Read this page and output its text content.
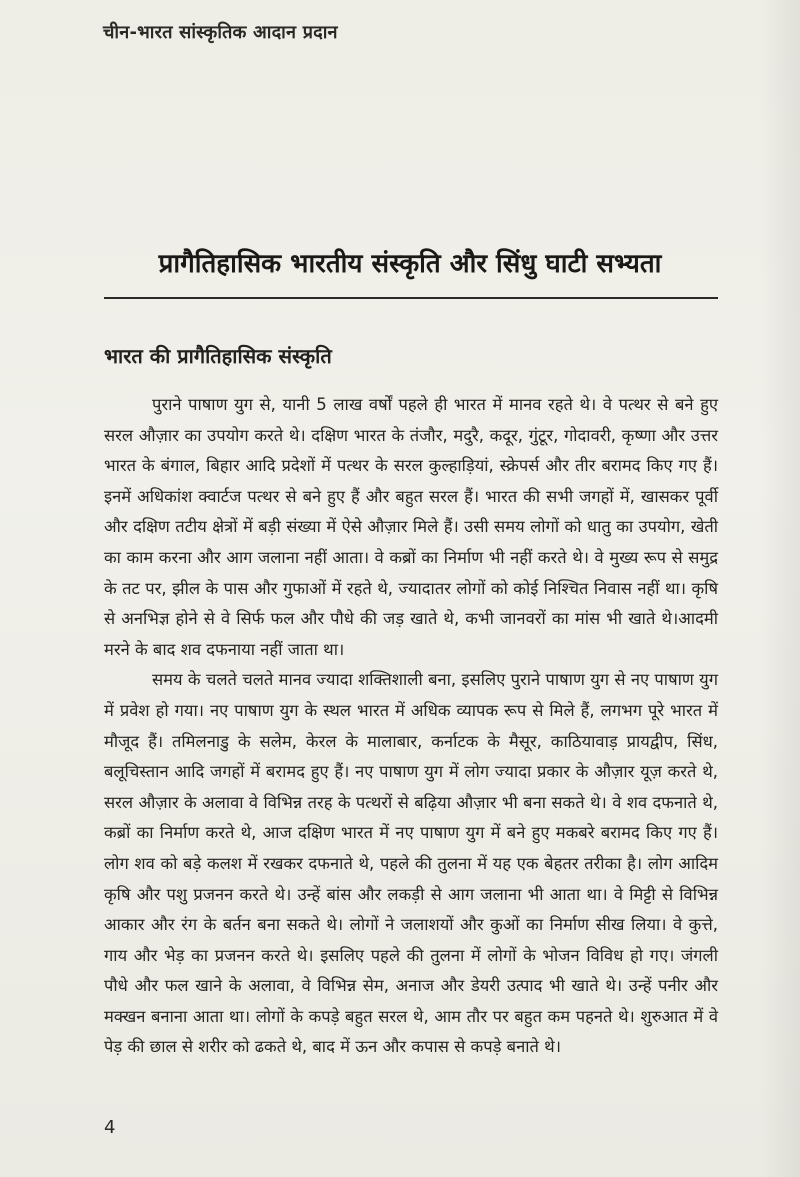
चीन-भारत सांस्कृतिक आदान प्रदान
प्रागैतिहासिक भारतीय संस्कृति और सिंधु घाटी सभ्यता
भारत की प्रागैतिहासिक संस्कृति

पुराने पाषाण युग से, यानी 5 लाख वर्षों पहले ही भारत में मानव रहते थे। वे पत्थर से बने हुए सरल औज़ार का उपयोग करते थे। दक्षिण भारत के तंजौर, मदुरै, कदूर, गुंटूर, गोदावरी, कृष्णा और उत्तर भारत के बंगाल, बिहार आदि प्रदेशों में पत्थर के सरल कुल्हाड़ियां, स्क्रेपर्स और तीर बरामद किए गए हैं। इनमें अधिकांश क्वार्टज पत्थर से बने हुए हैं और बहुत सरल हैं। भारत की सभी जगहों में, खासकर पूर्वी और दक्षिण तटीय क्षेत्रों में बड़ी संख्या में ऐसे औज़ार मिले हैं। उसी समय लोगों को धातु का उपयोग, खेती का काम करना और आग जलाना नहीं आता। वे कब्रों का निर्माण भी नहीं करते थे। वे मुख्य रूप से समुद्र के तट पर, झील के पास और गुफाओं में रहते थे, ज्यादातर लोगों को कोई निश्चित निवास नहीं था। कृषि से अनभिज्ञ होने से वे सिर्फ फल और पौधे की जड़ खाते थे, कभी जानवरों का मांस भी खाते थे।आदमी मरने के बाद शव दफनाया नहीं जाता था।

समय के चलते चलते मानव ज्यादा शक्तिशाली बना, इसलिए पुराने पाषाण युग से नए पाषाण युग में प्रवेश हो गया। नए पाषाण युग के स्थल भारत में अधिक व्यापक रूप से मिले हैं, लगभग पूरे भारत में मौजूद हैं। तमिलनाडु के सलेम, केरल के मालाबार, कर्नाटक के मैसूर, काठियावाड़ प्रायद्वीप, सिंध, बलूचिस्तान आदि जगहों में बरामद हुए हैं। नए पाषाण युग में लोग ज्यादा प्रकार के औज़ार यूज़ करते थे, सरल औज़ार के अलावा वे विभिन्न तरह के पत्थरों से बढ़िया औज़ार भी बना सकते थे। वे शव दफनाते थे, कब्रों का निर्माण करते थे, आज दक्षिण भारत में नए पाषाण युग में बने हुए मकबरे बरामद किए गए हैं। लोग शव को बड़े कलश में रखकर दफनाते थे, पहले की तुलना में यह एक बेहतर तरीका है। लोग आदिम कृषि और पशु प्रजनन करते थे। उन्हें बांस और लकड़ी से आग जलाना भी आता था। वे मिट्टी से विभिन्न आकार और रंग के बर्तन बना सकते थे। लोगों ने जलाशयों और कुओं का निर्माण सीख लिया। वे कुत्ते, गाय और भेड़ का प्रजनन करते थे। इसलिए पहले की तुलना में लोगों के भोजन विविध हो गए। जंगली पौधे और फल खाने के अलावा, वे विभिन्न सेम, अनाज और डेयरी उत्पाद भी खाते थे। उन्हें पनीर और मक्खन बनाना आता था। लोगों के कपड़े बहुत सरल थे, आम तौर पर बहुत कम पहनते थे। शुरुआत में वे पेड़ की छाल से शरीर को ढकते थे, बाद में ऊन और कपास से कपड़े बनाते थे।

4
